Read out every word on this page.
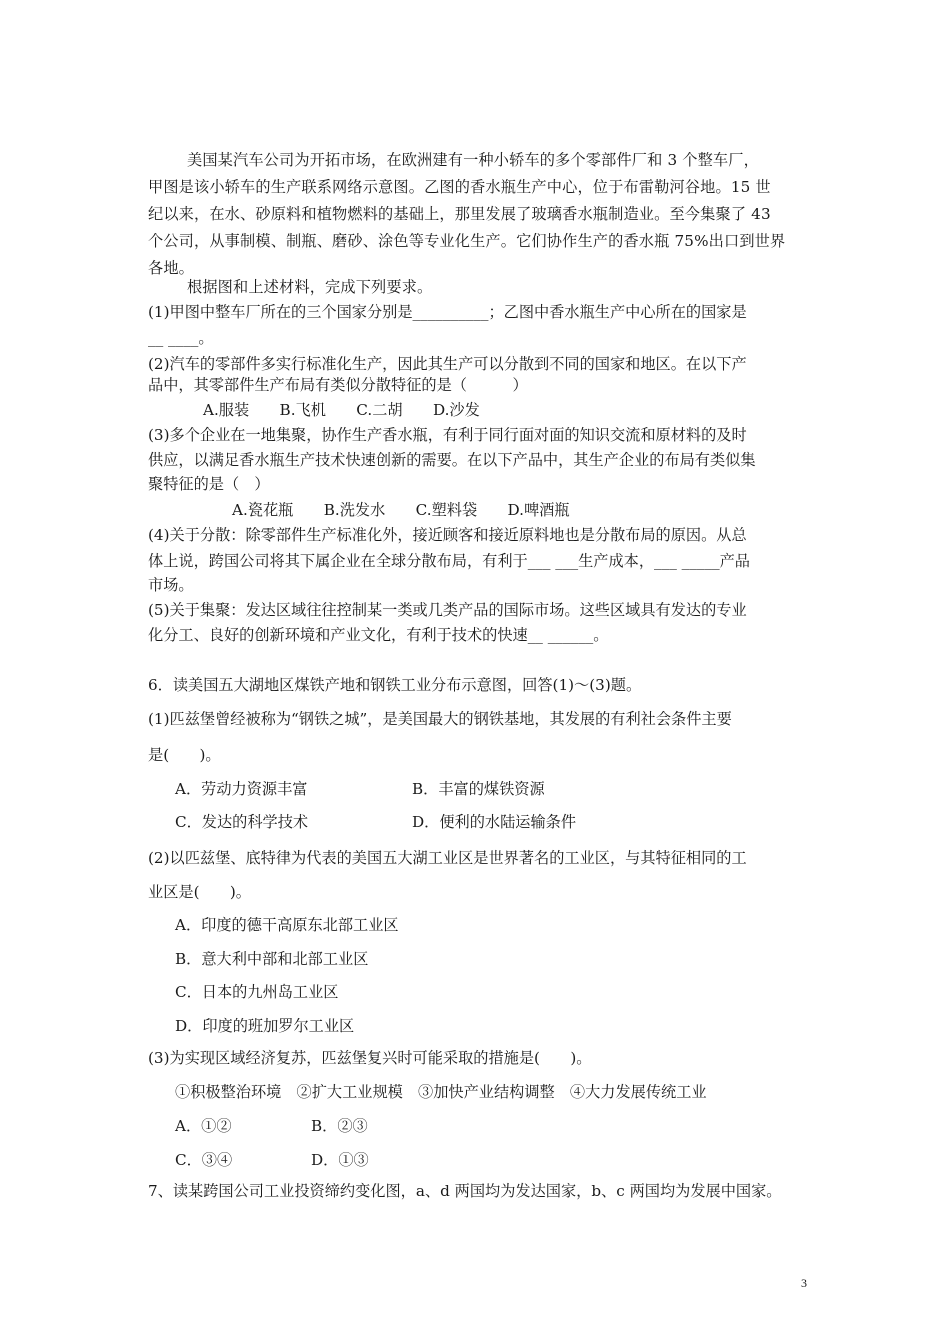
美国某汽车公司为开拓市场，在欧洲建有一种小轿车的多个零部件厂和 3 个整车厂，
甲图是该小轿车的生产联系网络示意图。乙图的香水瓶生产中心，位于布雷勒河谷地。15 世
纪以来，在水、砂原料和植物燃料的基础上，那里发展了玻璃香水瓶制造业。至今集聚了 43
个公司，从事制模、制瓶、磨砂、涂色等专业化生产。它们协作生产的香水瓶 75%出口到世界
各地。
根据图和上述材料，完成下列要求。
(1)甲图中整车厂所在的三个国家分别是__________；乙图中香水瓶生产中心所在的国家是
__ ____。
(2)汽车的零部件多实行标准化生产，因此其生产可以分散到不同的国家和地区。在以下产
品中，其零部件生产布局有类似分散特征的是（　　　）
A.服装　　B.飞机　　C.二胡　　D.沙发
(3)多个企业在一地集聚，协作生产香水瓶，有利于同行面对面的知识交流和原材料的及时
供应，以满足香水瓶生产技术快速创新的需要。在以下产品中，其生产企业的布局有类似集
聚特征的是（　）
A.瓷花瓶　　B.洗发水　　C.塑料袋　　D.啤酒瓶
(4)关于分散：除零部件生产标准化外，接近顾客和接近原料地也是分散布局的原因。从总
体上说，跨国公司将其下属企业在全球分散布局，有利于___ ___生产成本，___ _____产品
市场。
(5)关于集聚：发达区域往往控制某一类或几类产品的国际市场。这些区域具有发达的专业
化分工、良好的创新环境和产业文化，有利于技术的快速__ ______。
6．读美国五大湖地区煤铁产地和钢铁工业分布示意图，回答(1)～(3)题。
(1)匹兹堡曾经被称为“钢铁之城”，是美国最大的钢铁基地，其发展的有利社会条件主要
是(　　)。
A．劳动力资源丰富	B．丰富的煤铁资源
C．发达的科学技术	D．便利的水陆运输条件
(2)以匹兹堡、底特律为代表的美国五大湖工业区是世界著名的工业区，与其特征相同的工
业区是(　　)。
A．印度的德干高原东北部工业区
B．意大利中部和北部工业区
C．日本的九州岛工业区
D．印度的班加罗尔工业区
(3)为实现区域经济复苏，匹兹堡复兴时可能采取的措施是(　　)。
①积极整治环境　②扩大工业规模　③加快产业结构调整　④大力发展传统工业
A．①②	B．②③
C．③④	D．①③
7、读某跨国公司工业投资缔约变化图，a、d 两国均为发达国家，b、c 两国均为发展中国家。
3
